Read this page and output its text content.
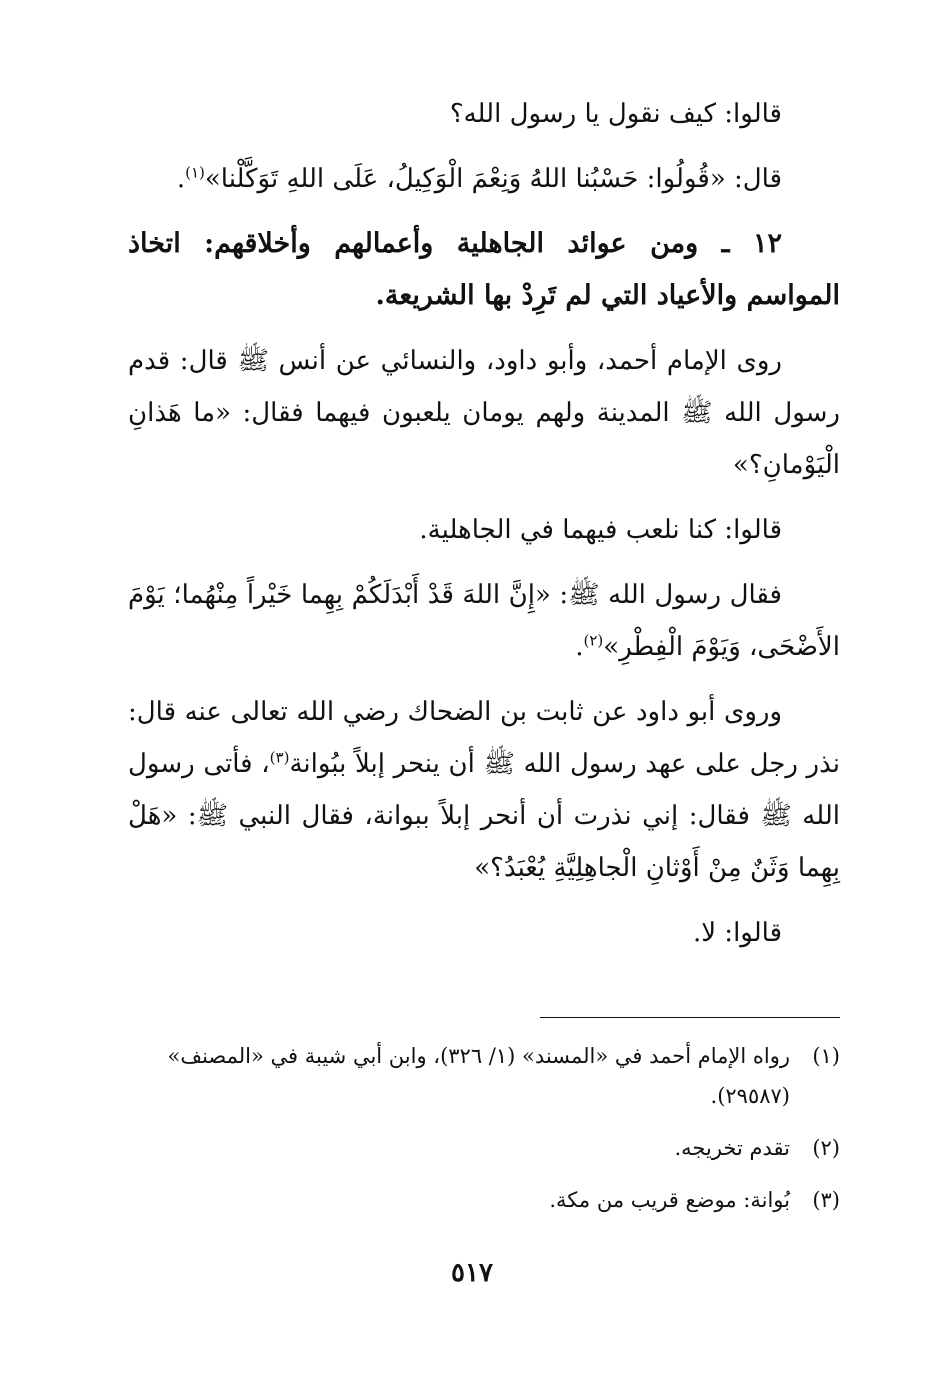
قالوا: كيف نقول يا رسول الله؟

قال: «قُولُوا: حَسْبُنا اللهُ وَنِعْمَ الْوَكِيلُ، عَلَى اللهِ تَوَكَّلْنا»$^{(١)}$.

١٢ ـ ومن عوائد الجاهلية وأعمالهم وأخلاقهم: اتخاذ المواسم والأعياد التي لم تَرِدْ بها الشريعة.

روى الإمام أحمد، وأبو داود، والنسائي عن أنس ﷺ قال: قدم رسول الله ﷺ المدينة ولهم يومان يلعبون فيهما فقال: «ما هَذانِ الْيَوْمانِ؟»

قالوا: كنا نلعب فيهما في الجاهلية.

فقال رسول الله ﷺ: «إِنَّ اللهَ قَدْ أَبْدَلَكُمْ بِهِما خَيْراً مِنْهُما؛ يَوْمَ الأَضْحَى، وَيَوْمَ الْفِطْرِ»$^{(٢)}$.

وروى أبو داود عن ثابت بن الضحاك رضي الله تعالى عنه قال: نذر رجل على عهد رسول الله ﷺ أن ينحر إبلاً ببُوانة$^{(٣)}$، فأتى رسول الله ﷺ فقال: إني نذرت أن أنحر إبلاً ببوانة، فقال النبي ﷺ: «هَلْ بِهِما وَثَنٌ مِنْ أَوْثانِ الْجاهِلِيَّةِ يُعْبَدُ؟»

قالوا: لا.

(١)
رواه الإمام أحمد في «المسند» (١/ ٣٢٦)، وابن أبي شيبة في «المصنف» (٢٩٥٨٧).
(٢)
تقدم تخريجه.
(٣)
بُوانة: موضع قريب من مكة.
٥١٧
